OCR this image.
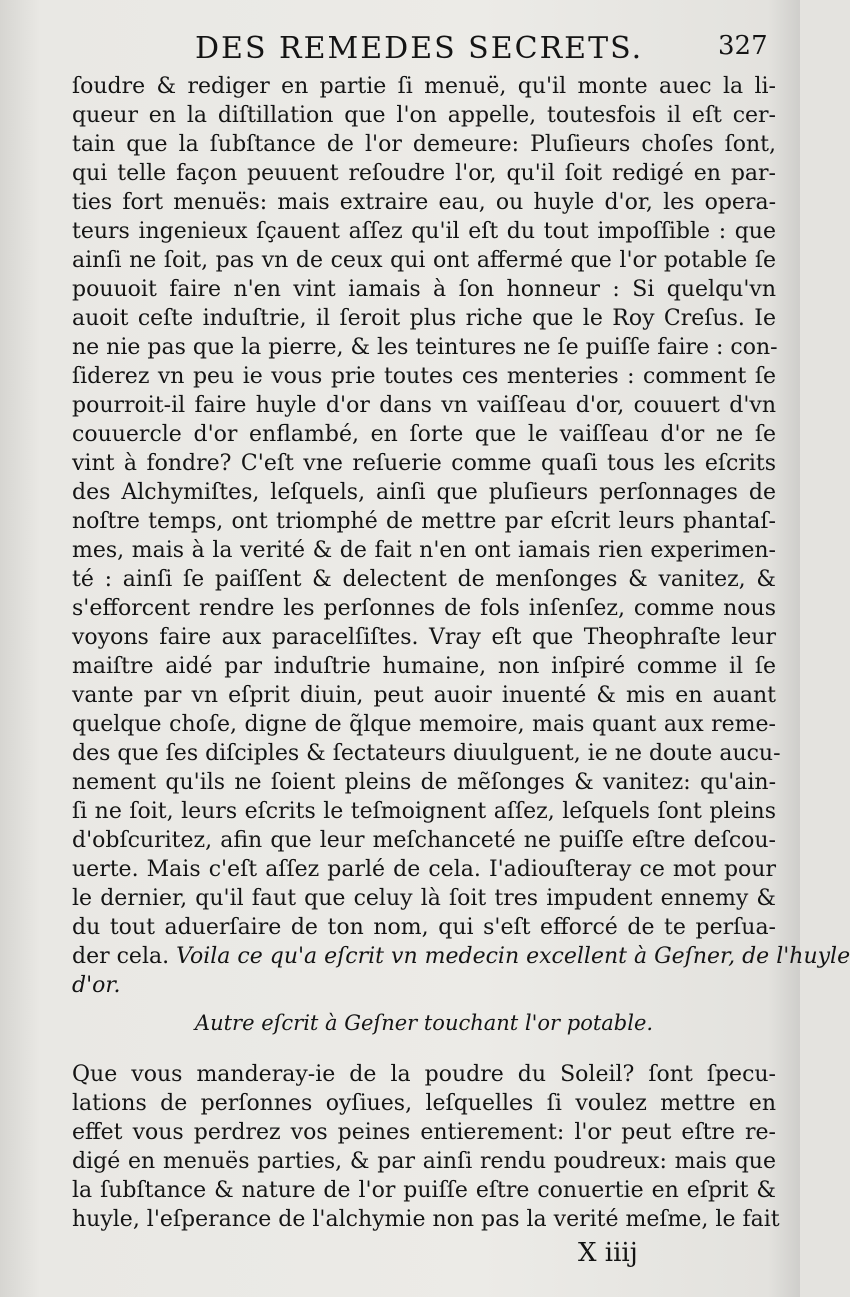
DES REMEDES SECRETS.	327
ſoudre & rediger en partie ſi menuë, qu'il monte auec la li-
queur en la diſtillation que l'on appelle, toutesfois il eſt cer-
tain que la ſubſtance de l'or demeure: Pluſieurs choſes ſont,
qui telle façon peuuent reſoudre l'or, qu'il ſoit redigé en par-
ties fort menuës: mais extraire eau, ou huyle d'or, les opera-
teurs ingenieux ſçauent aſſez qu'il eſt du tout impoſſible : que
ainſi ne ſoit, pas vn de ceux qui ont affermé que l'or potable ſe
pouuoit faire n'en vint iamais à ſon honneur : Si quelqu'vn
auoit ceſte induſtrie, il ſeroit plus riche que le Roy Creſus. Ie
ne nie pas que la pierre, & les teintures ne ſe puiſſe faire : con-
ſiderez vn peu ie vous prie toutes ces menteries : comment ſe
pourroit-il faire huyle d'or dans vn vaiſſeau d'or, couuert d'vn
couuercle d'or enflambé, en ſorte que le vaiſſeau d'or ne ſe
vint à fondre? C'eſt vne reſuerie comme quaſi tous les eſcrits
des Alchymiſtes, leſquels, ainſi que pluſieurs perſonnages de
noſtre temps, ont triomphé de mettre par eſcrit leurs phantaſ-
mes, mais à la verité & de fait n'en ont iamais rien experimen-
té : ainſi ſe paiſſent & delectent de menſonges & vanitez, &
s'efforcent rendre les perſonnes de fols inſenſez, comme nous
voyons faire aux paracelſiſtes. Vray eſt que Theophraſte leur
maiſtre aidé par induſtrie humaine, non inſpiré comme il ſe
vante par vn eſprit diuin, peut auoir inuenté & mis en auant
quelque choſe, digne de q̃lque memoire, mais quant aux reme-
des que ſes diſciples & ſectateurs diuulguent, ie ne doute aucu-
nement qu'ils ne ſoient pleins de mẽſonges & vanitez: qu'ain-
ſi ne ſoit, leurs eſcrits le teſmoignent aſſez, leſquels ſont pleins
d'obſcuritez, afin que leur meſchanceté ne puiſſe eſtre deſcou-
uerte. Mais c'eſt aſſez parlé de cela. I'adiouſteray ce mot pour
le dernier, qu'il faut que celuy là ſoit tres impudent ennemy &
du tout aduerſaire de ton nom, qui s'eſt efforcé de te perſua-
der cela. Voila ce qu'a eſcrit vn medecin excellent à Geſner, de l'huyle
d'or.
Autre eſcrit à Geſner touchant l'or potable.
Que vous manderay-ie de la poudre du Soleil? ſont ſpecu-
lations de perſonnes oyſiues, leſquelles ſi voulez mettre en
effet vous perdrez vos peines entierement: l'or peut eſtre re-
digé en menuës parties, & par ainſi rendu poudreux: mais que
la ſubſtance & nature de l'or puiſſe eſtre conuertie en eſprit &
huyle, l'eſperance de l'alchymie non pas la verité meſme, le fait
X iiij
